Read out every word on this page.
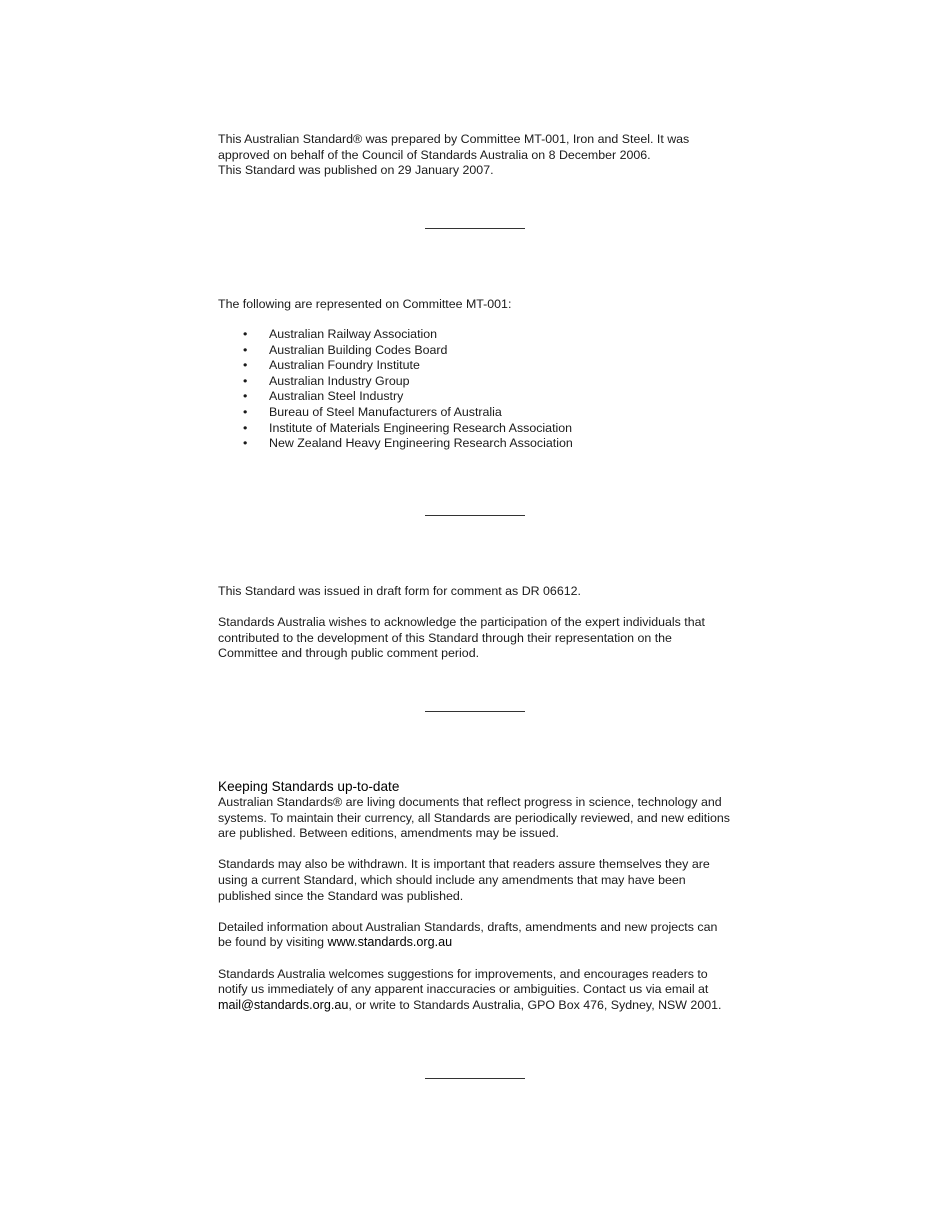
This Australian Standard® was prepared by Committee MT-001, Iron and Steel. It was

approved on behalf of the Council of Standards Australia on 8 December 2006.

This Standard was published on 29 January 2007.

The following are represented on Committee MT-001:
• Australian Railway Association
• Australian Building Codes Board
• Australian Foundry Institute
• Australian Industry Group
• Australian Steel Industry
• Bureau of Steel Manufacturers of Australia
• Institute of Materials Engineering Research Association
• New Zealand Heavy Engineering Research Association

This Standard was issued in draft form for comment as DR 06612.

Standards Australia wishes to acknowledge the participation of the expert individuals that

contributed to the development of this Standard through their representation on the

Committee and through public comment period.

Keeping Standards up-to-date

Australian Standards® are living documents that reflect progress in science, technology and

systems. To maintain their currency, all Standards are periodically reviewed, and new editions

are published. Between editions, amendments may be issued.

Standards may also be withdrawn. It is important that readers assure themselves they are

using a current Standard, which should include any amendments that may have been

published since the Standard was published.

Detailed information about Australian Standards, drafts, amendments and new projects can

be found by visiting www.standards.org.au

Standards Australia welcomes suggestions for improvements, and encourages readers to

notify us immediately of any apparent inaccuracies or ambiguities. Contact us via email at

mail@standards.org.au, or write to Standards Australia, GPO Box 476, Sydney, NSW 2001.
